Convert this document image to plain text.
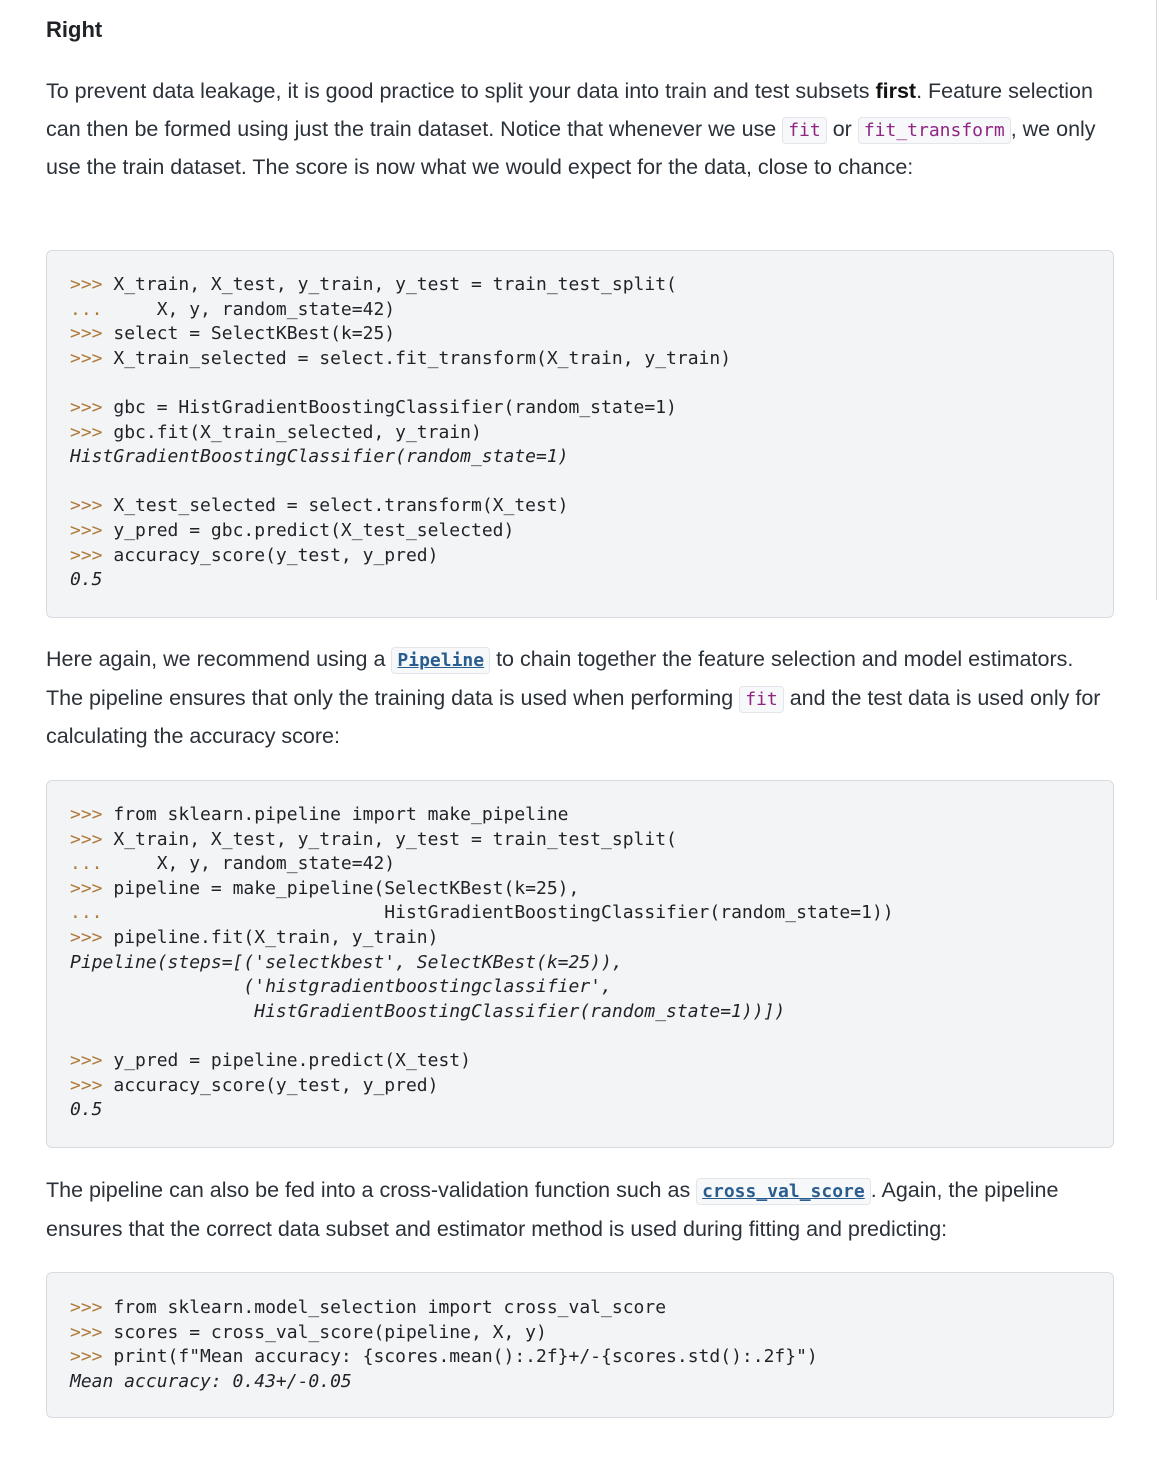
Right

To prevent data leakage, it is good practice to split your data into train and test subsets first. Feature selection can then be formed using just the train dataset. Notice that whenever we use fit or fit_transform , we only use the train dataset. The score is now what we would expect for the data, close to chance:

>>> X_train, X_test, y_train, y_test = train_test_split(
...     X, y, random_state=42)
>>> select = SelectKBest(k=25)
>>> X_train_selected = select.fit_transform(X_train, y_train)

>>> gbc = HistGradientBoostingClassifier(random_state=1)
>>> gbc.fit(X_train_selected, y_train)
HistGradientBoostingClassifier(random_state=1)

>>> X_test_selected = select.transform(X_test)
>>> y_pred = gbc.predict(X_test_selected)
>>> accuracy_score(y_test, y_pred)
0.5

Here again, we recommend using a Pipeline to chain together the feature selection and model estimators. The pipeline ensures that only the training data is used when performing fit and the test data is used only for calculating the accuracy score:

>>> from sklearn.pipeline import make_pipeline
>>> X_train, X_test, y_train, y_test = train_test_split(
...     X, y, random_state=42)
>>> pipeline = make_pipeline(SelectKBest(k=25),
...                          HistGradientBoostingClassifier(random_state=1))
>>> pipeline.fit(X_train, y_train)
Pipeline(steps=[('selectkbest', SelectKBest(k=25)),
('histgradientboostingclassifier',
HistGradientBoostingClassifier(random_state=1))])

>>> y_pred = pipeline.predict(X_test)
>>> accuracy_score(y_test, y_pred)
0.5

The pipeline can also be fed into a cross-validation function such as cross_val_score . Again, the pipeline ensures that the correct data subset and estimator method is used during fitting and predicting:

>>> from sklearn.model_selection import cross_val_score
>>> scores = cross_val_score(pipeline, X, y)
>>> print(f"Mean accuracy: {scores.mean():.2f}+/-{scores.std():.2f}")
Mean accuracy: 0.43+/-0.05
